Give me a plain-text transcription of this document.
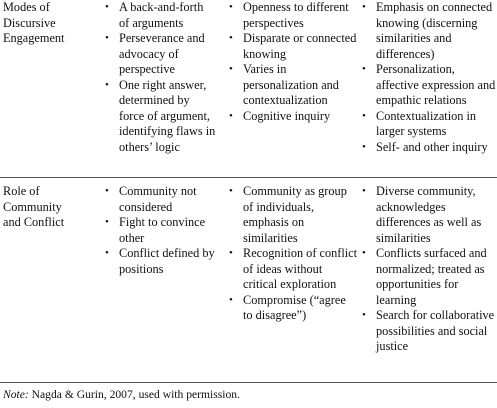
Modes of
Discursive
Engagement
• A back-and-forth of arguments
• Perseverance and advocacy of perspective
• One right answer, determined by force of argument, identifying flaws in others’ logic
• Openness to different perspectives
• Disparate or connected knowing
• Varies in personalization and contextualization
• Cognitive inquiry
• Emphasis on connected knowing (discerning similarities and differences)
• Personalization, affective expression and empathic relations
• Contextualization in larger systems
• Self- and other inquiry
Role of
Community
and Conflict
• Community not considered
• Fight to convince other
• Conflict defined by positions
• Community as group of individuals, emphasis on similarities
• Recognition of conflict of ideas without critical exploration
• Compromise (“agree to disagree”)
• Diverse community, acknowledges differences as well as similarities
• Conflicts surfaced and normalized; treated as opportunities for learning
• Search for collaborative possibilities and social justice
Note: Nagda & Gurin, 2007, used with permission.
